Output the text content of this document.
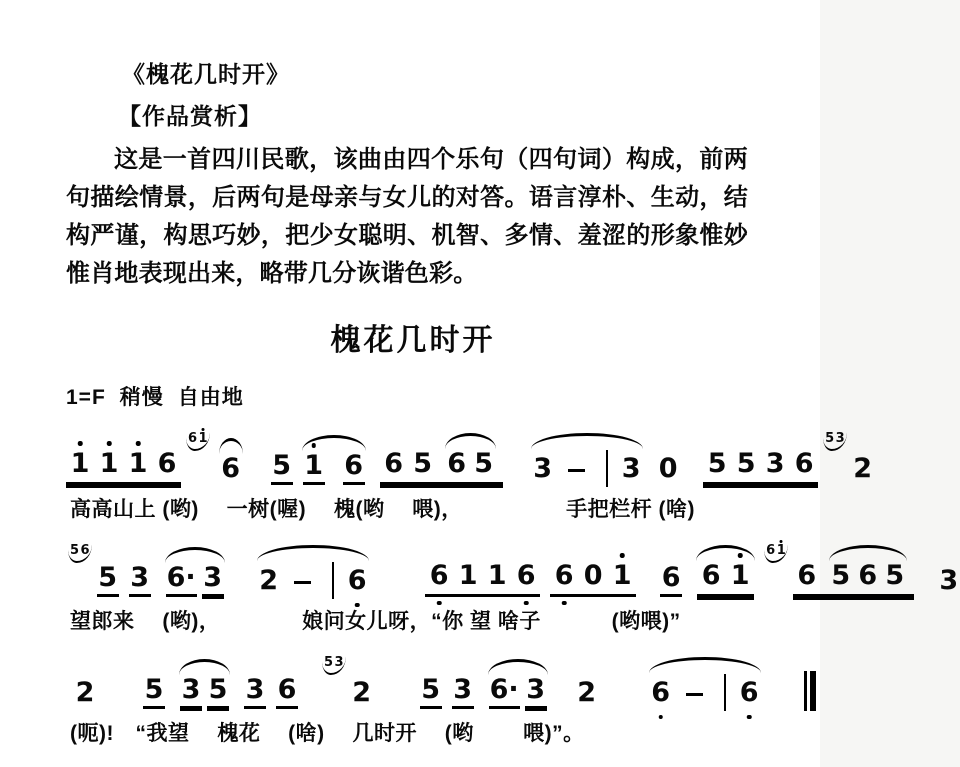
《槐花几时开》
【作品赏析】
这是一首四川民歌，该曲由四个乐句（四句词）构成，前两句描绘情景，后两句是母亲与女儿的对答。语言淳朴、生动，结构严谨，构思巧妙，把少女聪明、机智、多情、羞涩的形象惟妙惟肖地表现出来，略带几分诙谐色彩。
槐花几时开
1=F 稍慢 自由地
1 1 1 6
6 1
6 5 1 6 6 5 6 5 3	3 0 5 5 3 6
5 3
2
高高山上 (哟)　 一树(喔)　 槐(哟　 喂)，　　　　　 手把栏杆 (啥)
5 6
5 3 6· 3 2	6 6 1 1 6 6 0 1 6 6 1
6 1
6 5 6 5 3
望郎来　 (哟)，　　　　 娘问女儿呀，“你 望 啥子　　　 (哟喂)”
2 5 3 5 3 6
5 3
2 5 3 6· 3 2 6	6
(呃)!　“我望　 槐花　 (啥)　 几时开　 (哟　　 喂)”。
